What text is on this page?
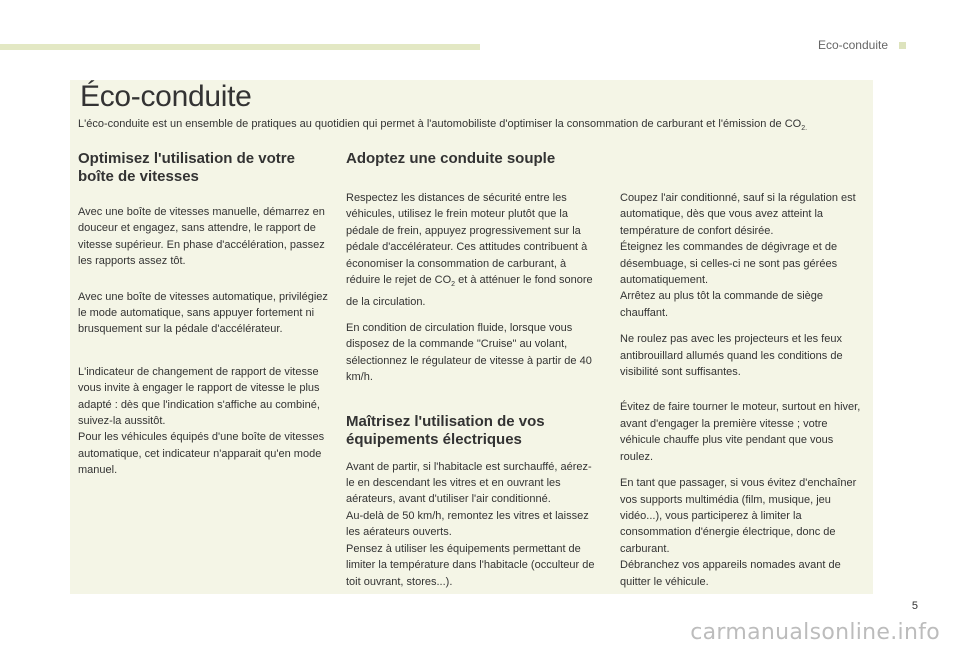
Eco-conduite
Éco-conduite

L'éco-conduite est un ensemble de pratiques au quotidien qui permet à l'automobiliste d'optimiser la consommation de carburant et l'émission de $CO_{2.}$

Optimisez l'utilisation de votre
boîte de vitesses

Avec une boîte de vitesses manuelle, démarrez en douceur et engagez, sans attendre, le rapport de vitesse supérieur. En phase d'accélération, passez les rapports assez tôt.

Avec une boîte de vitesses automatique, privilégiez le mode automatique, sans appuyer fortement ni brusquement sur la pédale d'accélérateur.

L'indicateur de changement de rapport de vitesse vous invite à engager le rapport de vitesse le plus adapté : dès que l'indication s'affiche au combiné, suivez-la aussitôt.

Pour les véhicules équipés d'une boîte de vitesses automatique, cet indicateur n'apparait qu'en mode manuel.

Adoptez une conduite souple

Respectez les distances de sécurité entre les véhicules, utilisez le frein moteur plutôt que la pédale de frein, appuyez progressivement sur la pédale d'accélérateur. Ces attitudes contribuent à économiser la consommation de carburant, à réduire le rejet de $CO_2$ et à atténuer le fond sonore de la circulation.

En condition de circulation fluide, lorsque vous disposez de la commande "Cruise" au volant, sélectionnez le régulateur de vitesse à partir de 40 km/h.

Maîtrisez l'utilisation de vos
équipements électriques

Avant de partir, si l'habitacle est surchauffé, aérez-le en descendant les vitres et en ouvrant les aérateurs, avant d'utiliser l'air conditionné.

Au-delà de 50 km/h, remontez les vitres et laissez les aérateurs ouverts.

Pensez à utiliser les équipements permettant de limiter la température dans l'habitacle (occulteur de toit ouvrant, stores...).

Coupez l'air conditionné, sauf si la régulation est automatique, dès que vous avez atteint la température de confort désirée.

Éteignez les commandes de dégivrage et de désembuage, si celles-ci ne sont pas gérées automatiquement.

Arrêtez au plus tôt la commande de siège chauffant.

Ne roulez pas avec les projecteurs et les feux antibrouillard allumés quand les conditions de visibilité sont suffisantes.

Évitez de faire tourner le moteur, surtout en hiver, avant d'engager la première vitesse ; votre véhicule chauffe plus vite pendant que vous roulez.

En tant que passager, si vous évitez d'enchaîner vos supports multimédia (film, musique, jeu vidéo...), vous participerez à limiter la consommation d'énergie électrique, donc de carburant.

Débranchez vos appareils nomades avant de quitter le véhicule.

5
carmanualsonline.info
